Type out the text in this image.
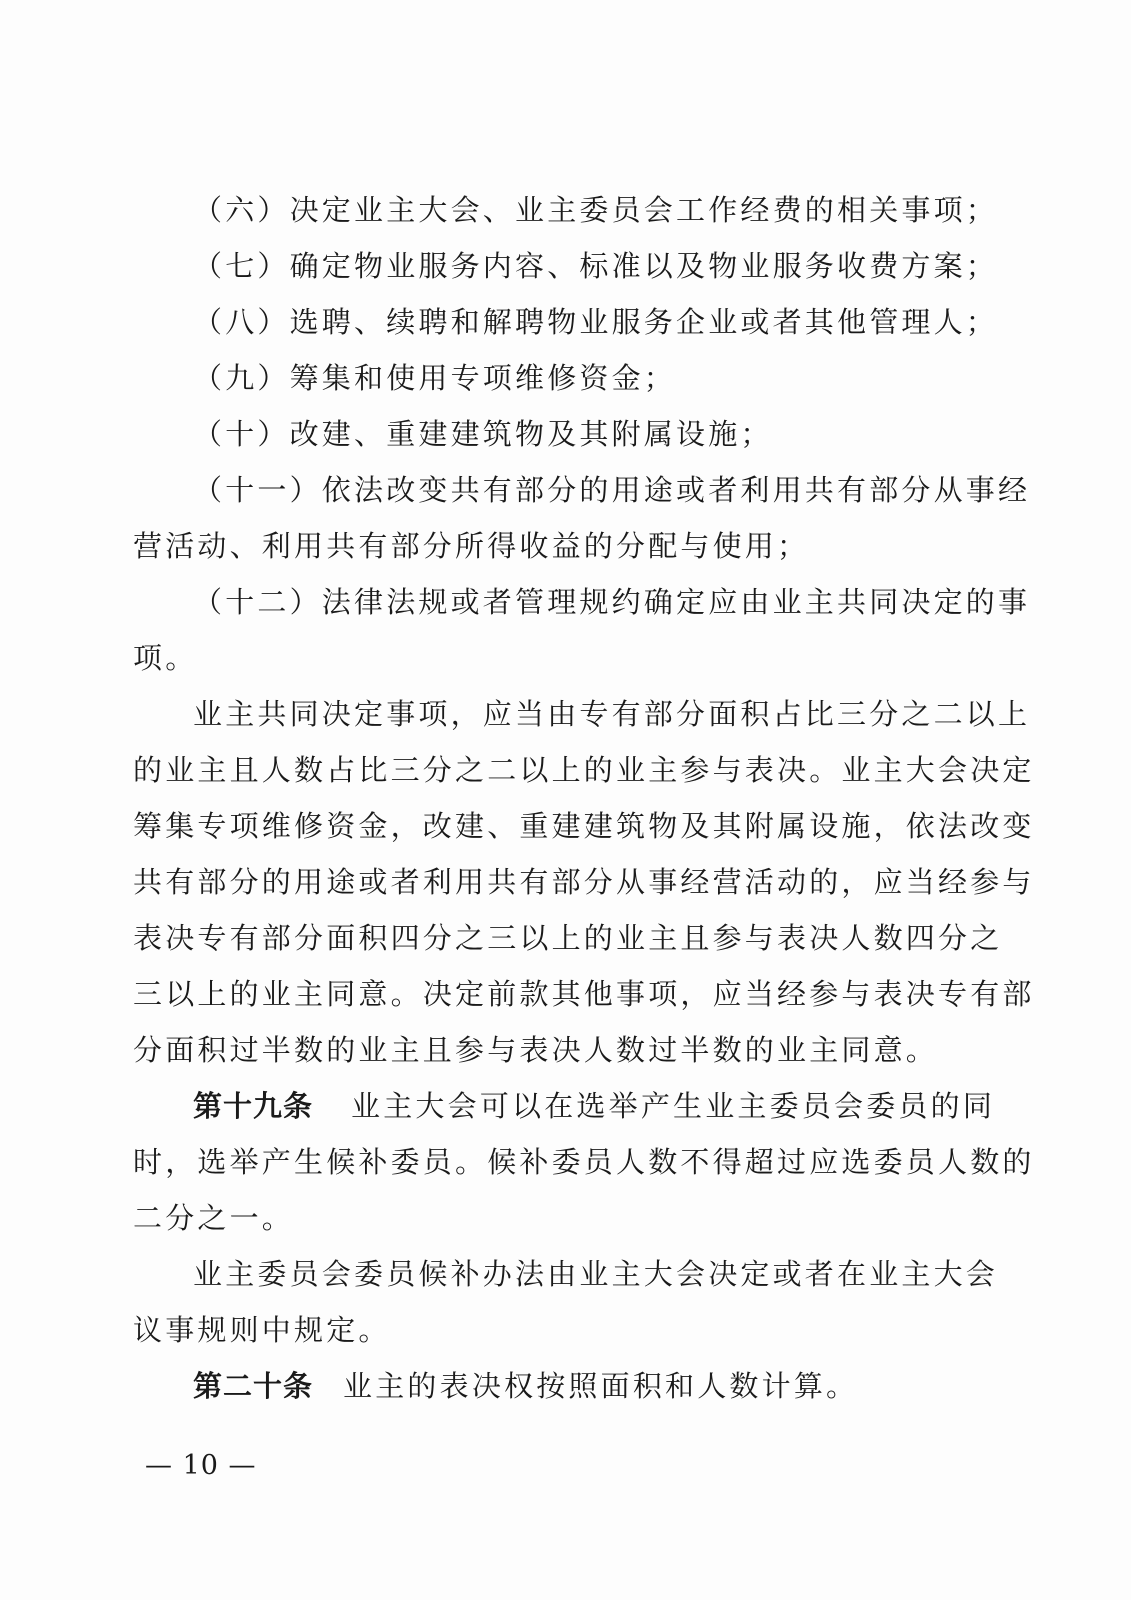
（六）决定业主大会、业主委员会工作经费的相关事项；
（七）确定物业服务内容、标准以及物业服务收费方案；
（八）选聘、续聘和解聘物业服务企业或者其他管理人；
（九）筹集和使用专项维修资金；
（十）改建、重建建筑物及其附属设施；
（十一）依法改变共有部分的用途或者利用共有部分从事经
营活动、利用共有部分所得收益的分配与使用；
（十二）法律法规或者管理规约确定应由业主共同决定的事
项。
业主共同决定事项，应当由专有部分面积占比三分之二以上
的业主且人数占比三分之二以上的业主参与表决。业主大会决定
筹集专项维修资金，改建、重建建筑物及其附属设施，依法改变
共有部分的用途或者利用共有部分从事经营活动的，应当经参与
表决专有部分面积四分之三以上的业主且参与表决人数四分之
三以上的业主同意。决定前款其他事项，应当经参与表决专有部
分面积过半数的业主且参与表决人数过半数的业主同意。
第十九条 业主大会可以在选举产生业主委员会委员的同
时，选举产生候补委员。候补委员人数不得超过应选委员人数的
二分之一。
业主委员会委员候补办法由业主大会决定或者在业主大会
议事规则中规定。
第二十条 业主的表决权按照面积和人数计算。
— 10 —
